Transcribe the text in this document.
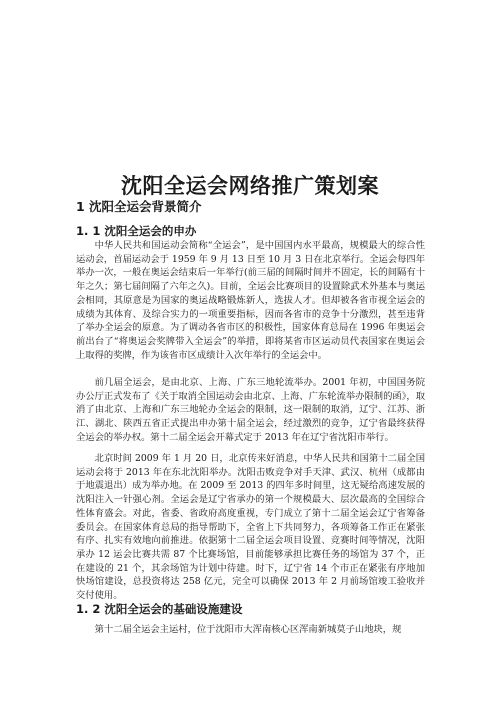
沈阳全运会网络推广策划案
1 沈阳全运会背景简介
1. 1 沈阳全运会的申办

中华人民共和国运动会简称“全运会”，是中国国内水平最高，规模最大的综合性运动会，首届运动会于 1959 年 9 月 13 日至 10 月 3 日在北京举行。全运会每四年举办一次，一般在奥运会结束后一年举行(前三届的间隔时间并不固定，长的间隔有十年之久；第七届间隔了六年之久)。目前，全运会比赛项目的设置除武术外基本与奥运会相同，其原意是为国家的奥运战略锻炼新人，选拔人才。但却被各省市视全运会的成绩为其体育、及综合实力的一项重要指标，因而各省市的竞争十分激烈，甚至违背了举办全运会的原意。为了调动各省市区的积极性，国家体育总局在 1996 年奥运会前出台了“将奥运会奖牌带入全运会”的举措，即将某省市区运动员代表国家在奥运会上取得的奖牌，作为该省市区成绩计入次年举行的全运会中。

前几届全运会，是由北京、上海、广东三地轮流举办。2001 年初，中国国务院办公厅正式发布了《关于取消全国运动会由北京、上海、广东轮流举办限制的函》，取消了由北京、上海和广东三地轮办全运会的限制，这一限制的取消，辽宁、江苏、浙江、湖北、陕西五省正式提出申办第十届全运会，经过激烈的竞争，辽宁省最终获得全运会的举办权。第十二届全运会开幕式定于 2013 年在辽宁省沈阳市举行。

北京时间 2009 年 1 月 20 日，北京传来好消息，中华人民共和国第十二届全国运动会将于 2013 年在东北沈阳举办。沈阳击败竞争对手天津、武汉、杭州（成都由于地震退出）成为举办地。在 2009 至 2013 的四年多时间里，这无疑给高速发展的沈阳注入一针强心剂。全运会是辽宁省承办的第一个规模最大、层次最高的全国综合性体育盛会。对此，省委、省政府高度重视，专门成立了第十二届全运会辽宁省筹备委员会。在国家体育总局的指导帮助下，全省上下共同努力，各项筹备工作正在紧张有序、扎实有效地向前推进。依据第十二届全运会项目设置、竞赛时间等情况，沈阳承办 12 运会比赛共需 87 个比赛场馆，目前能够承担比赛任务的场馆为 37 个，正在建设的 21 个，其余场馆为计划中待建。时下，辽宁省 14 个市正在紧张有序地加快场馆建设，总投资将达 258 亿元，完全可以确保 2013 年 2 月前场馆竣工验收并交付使用。

1. 2 沈阳全运会的基础设施建设

第十二届全运会主运村，位于沈阳市大浑南核心区浑南新城莫子山地块，规
